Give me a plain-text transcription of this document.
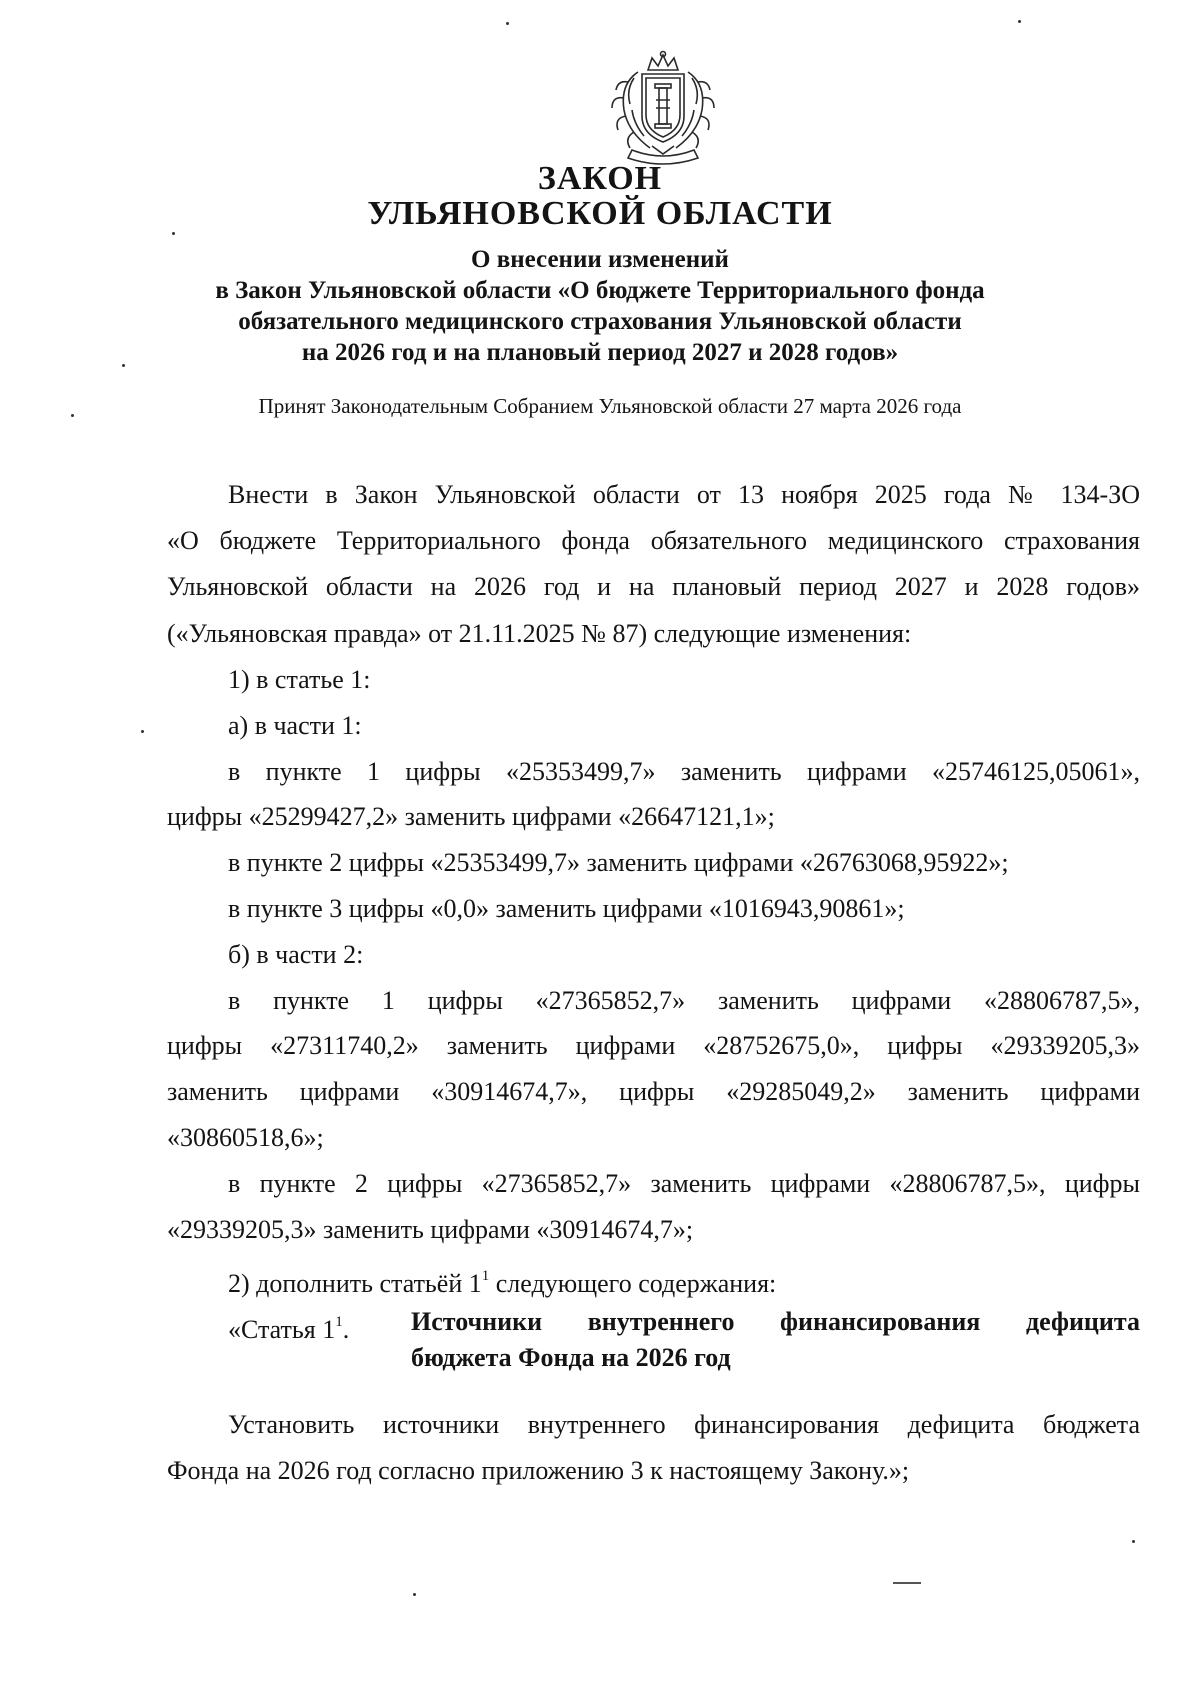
ЗАКОН
УЛЬЯНОВСКОЙ ОБЛАСТИ
О внесении изменений
в Закон Ульяновской области «О бюджете Территориального фонда
обязательного медицинского страхования Ульяновской области
на 2026 год и на плановый период 2027 и 2028 годов»
Принят Законодательным Собранием Ульяновской области 27 марта 2026 года
Внести в Закон Ульяновской области от 13 ноября 2025 года № 134-ЗО
«О бюджете Территориального фонда обязательного медицинского страхования
Ульяновской области на 2026 год и на плановый период 2027 и 2028 годов»
(«Ульяновская правда» от 21.11.2025 № 87) следующие изменения:
1) в статье 1:
а) в части 1:
в пункте 1 цифры «25353499,7» заменить цифрами «25746125,05061»,
цифры «25299427,2» заменить цифрами «26647121,1»;
в пункте 2 цифры «25353499,7» заменить цифрами «26763068,95922»;
в пункте 3 цифры «0,0» заменить цифрами «1016943,90861»;
б) в части 2:
в пункте 1 цифры «27365852,7» заменить цифрами «28806787,5»,
цифры «27311740,2» заменить цифрами «28752675,0», цифры «29339205,3»
заменить цифрами «30914674,7», цифры «29285049,2» заменить цифрами
«30860518,6»;
в пункте 2 цифры «27365852,7» заменить цифрами «28806787,5», цифры
«29339205,3» заменить цифрами «30914674,7»;
2) дополнить статьёй $1^1$ следующего содержания:
«Статья $1^1$. Источники внутреннего финансирования дефицита
бюджета Фонда на 2026 год
Установить источники внутреннего финансирования дефицита бюджета
Фонда на 2026 год согласно приложению 3 к настоящему Закону.»;
